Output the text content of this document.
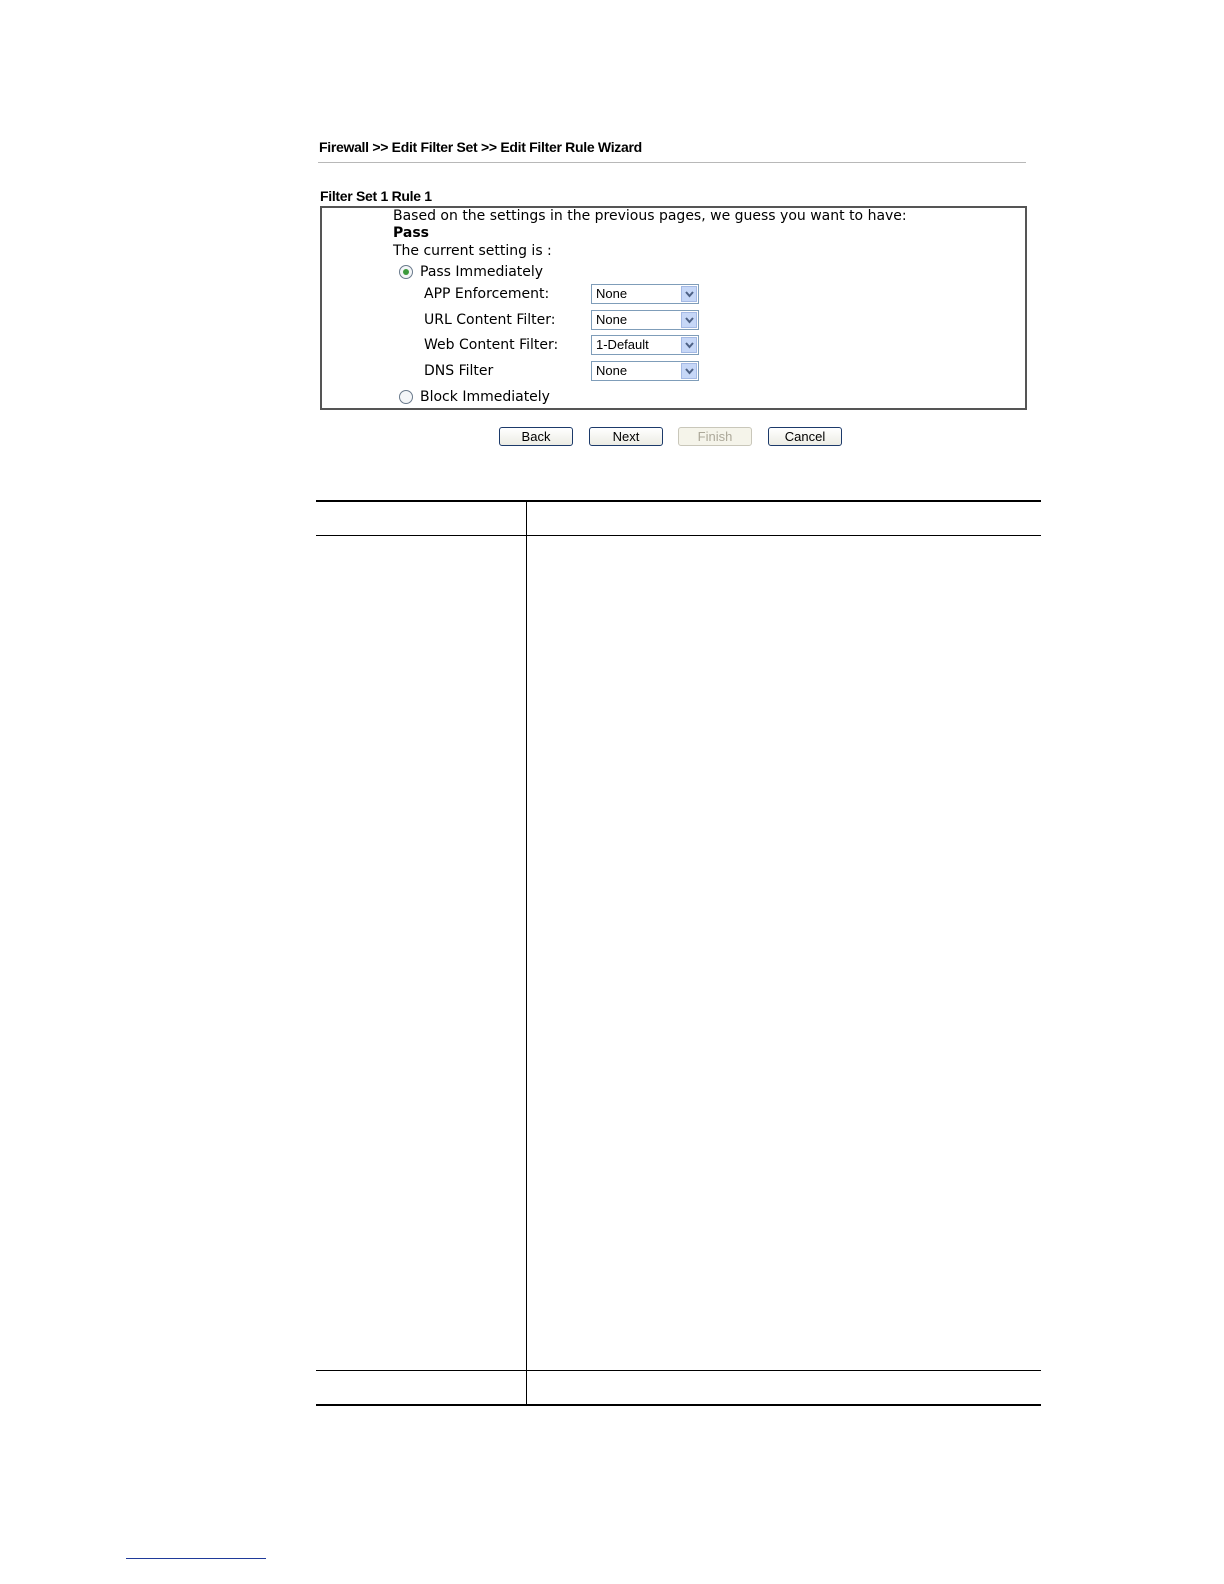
Firewall >> Edit Filter Set >> Edit Filter Rule Wizard
Filter Set 1 Rule 1
Based on the settings in the previous pages, we guess you want to have:
Pass
The current setting is :
Pass Immediately
APP Enforcement:	None
URL Content Filter:	None
Web Content Filter:	1-Default
DNS Filter	None
Block Immediately
Back	Next	Finish	Cancel
